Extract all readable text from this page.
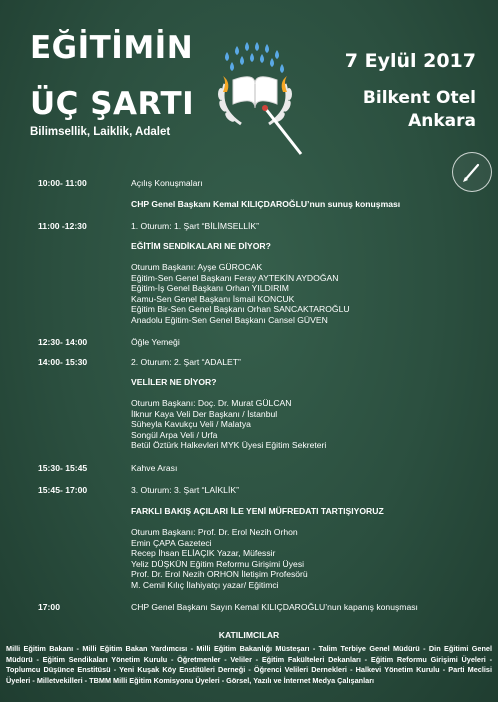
EĞİTİMİN
ÜÇ ŞARTI
Bilimsellik, Laiklik, Adalet
7 Eylül 2017
Bilkent Otel
Ankara
10:00- 11:00	Açılış Konuşmaları
CHP Genel Başkanı Kemal KILIÇDAROĞLU’nun sunuş konuşması
11:00 -12:30	1. Oturum: 1. Şart “BİLİMSELLİK”
EĞİTİM SENDİKALARI NE DİYOR?
Oturum Başkanı: Ayşe GÜROCAK
Eğitim-Sen Genel Başkanı Feray AYTEKİN AYDOĞAN
Eğitim-İş Genel Başkanı Orhan YILDIRIM
Kamu-Sen Genel Başkanı İsmail KONCUK
Eğitim Bir-Sen Genel Başkanı Orhan SANCAKTAROĞLU
Anadolu Eğitim-Sen Genel Başkanı Cansel GÜVEN
12:30- 14:00	Öğle Yemeği
14:00- 15:30	2. Oturum: 2. Şart “ADALET”
VELİLER NE DİYOR?
Oturum Başkanı: Doç. Dr. Murat GÜLCAN
İlknur Kaya Veli Der Başkanı / İstanbul
Süheyla Kavukçu Veli / Malatya
Songül Arpa Veli / Urfa
Betül Öztürk Halkevleri MYK Üyesi Eğitim Sekreteri
15:30- 15:45	Kahve Arası
15:45- 17:00	3. Oturum: 3. Şart “LAİKLİK”
FARKLI BAKIŞ AÇILARI İLE YENİ MÜFREDATI TARTIŞIYORUZ
Oturum Başkanı: Prof. Dr. Erol Nezih Orhon
Emin ÇAPA Gazeteci
Recep İhsan ELİAÇIK Yazar, Müfessir
Yeliz DÜŞKÜN Eğitim Reformu Girişimi Üyesi
Prof. Dr. Erol Nezih ORHON İletişim Profesörü
M. Cemil Kılıç İlahiyatçı yazar/ Eğitimci
17:00	CHP Genel Başkanı Sayın Kemal KILIÇDAROĞLU’nun kapanış konuşması
KATILIMCILAR
Milli Eğitim Bakanı - Milli Eğitim Bakan Yardımcısı - Milli Eğitim Bakanlığı Müsteşarı - Talim Terbiye Genel Müdürü - Din Eğitimi Genel Müdürü - Eğitim Sendikaları Yönetim Kurulu - Öğretmenler - Veliler - Eğitim Fakülteleri Dekanları - Eğitim Reformu Girişimi Üyeleri - Toplumcu Düşünce Enstitüsü - Yeni Kuşak Köy Enstitüleri Derneği - Öğrenci Velileri Dernekleri - Halkevi Yönetim Kurulu - Parti Meclisi Üyeleri - Milletvekilleri - TBMM Milli Eğitim Komisyonu Üyeleri - Görsel, Yazılı ve İnternet Medya Çalışanları
